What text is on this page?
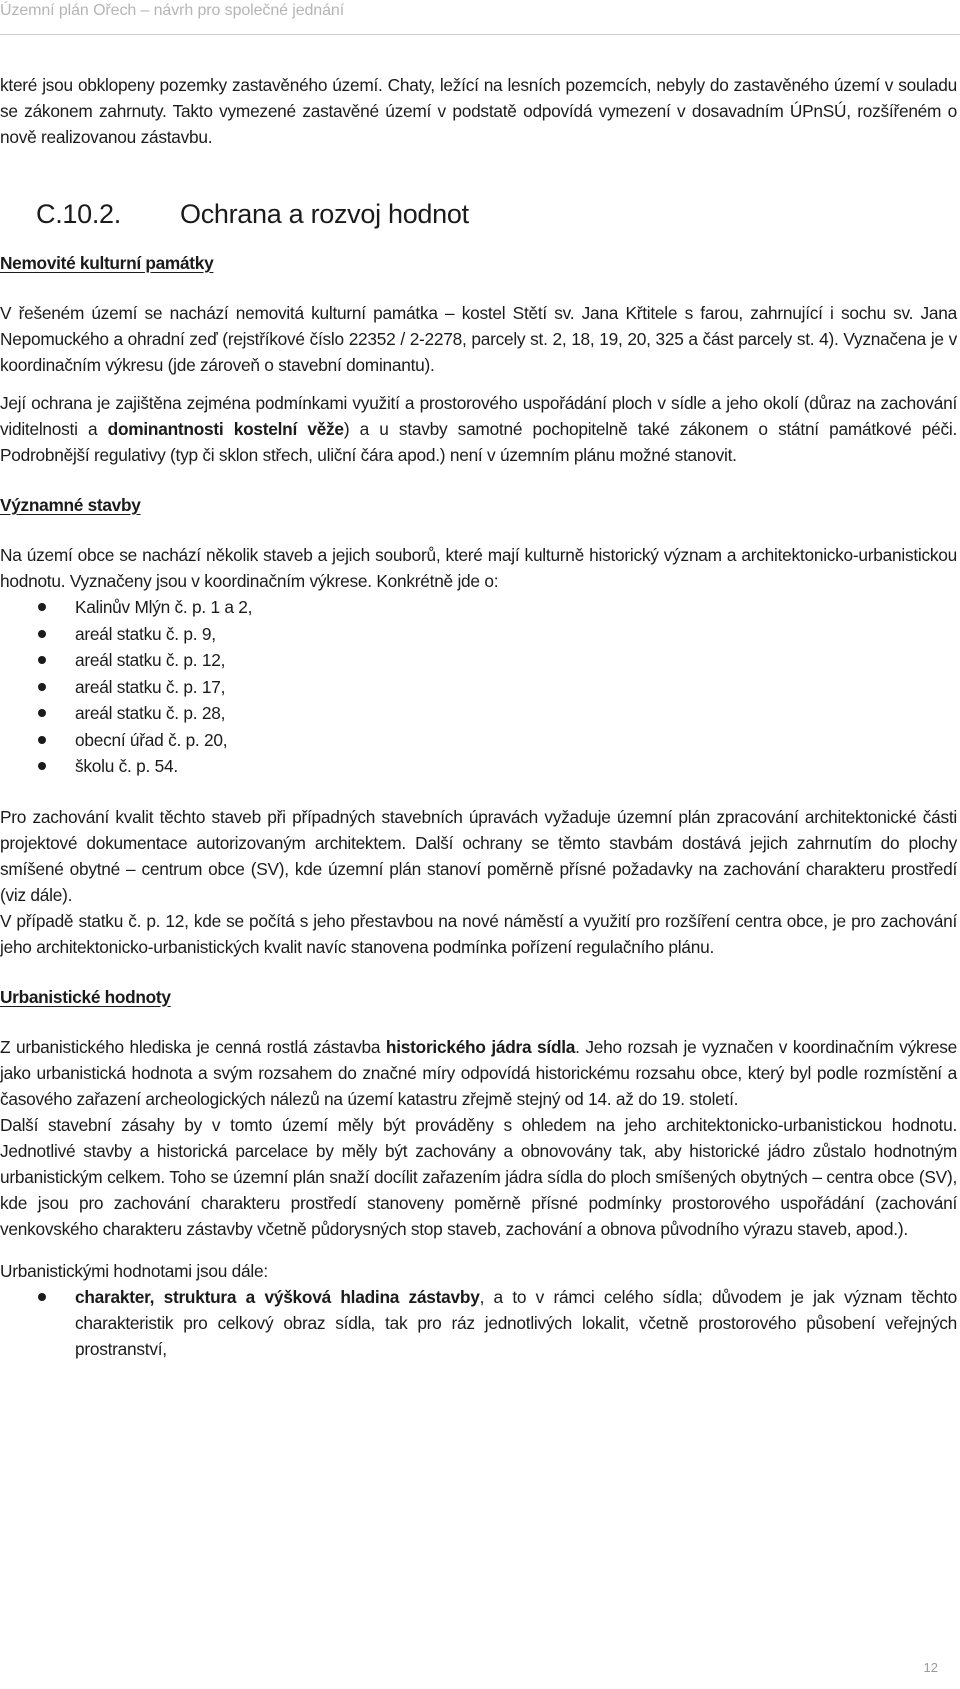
Územní plán Ořech – návrh pro společné jednání

které jsou obklopeny pozemky zastavěného území. Chaty, ležící na lesních pozemcích, nebyly do zastavěného území v souladu se zákonem zahrnuty. Takto vymezené zastavěné území v podstatě odpovídá vymezení v dosavadním ÚPnSÚ, rozšířeném o nově realizovanou zástavbu.

C.10.2. Ochrana a rozvoj hodnot
Nemovité kulturní památky

V řešeném území se nachází nemovitá kulturní památka – kostel Stětí sv. Jana Křtitele s farou, zahrnující i sochu sv. Jana Nepomuckého a ohradní zeď (rejstříkové číslo 22352 / 2-2278, parcely st. 2, 18, 19, 20, 325 a část parcely st. 4). Vyznačena je v koordinačním výkresu (jde zároveň o stavební dominantu).

Její ochrana je zajištěna zejména podmínkami využití a prostorového uspořádání ploch v sídle a jeho okolí (důraz na zachování viditelnosti a dominantnosti kostelní věže) a u stavby samotné pochopitelně také zákonem o státní památkové péči. Podrobnější regulativy (typ či sklon střech, uliční čára apod.) není v územním plánu možné stanovit.

Významné stavby

Na území obce se nachází několik staveb a jejich souborů, které mají kulturně historický význam a architektonicko-urbanistickou hodnotu. Vyznačeny jsou v koordinačním výkrese. Konkrétně jde o:

Kalinův Mlýn č. p. 1 a 2,
areál statku č. p. 9,
areál statku č. p. 12,
areál statku č. p. 17,
areál statku č. p. 28,
obecní úřad č. p. 20,
školu č. p. 54.

Pro zachování kvalit těchto staveb při případných stavebních úpravách vyžaduje územní plán zpracování architektonické části projektové dokumentace autorizovaným architektem. Další ochrany se těmto stavbám dostává jejich zahrnutím do plochy smíšené obytné – centrum obce (SV), kde územní plán stanoví poměrně přísné požadavky na zachování charakteru prostředí (viz dále).

V případě statku č. p. 12, kde se počítá s jeho přestavbou na nové náměstí a využití pro rozšíření centra obce, je pro zachování jeho architektonicko-urbanistických kvalit navíc stanovena podmínka pořízení regulačního plánu.

Urbanistické hodnoty

Z urbanistického hlediska je cenná rostlá zástavba historického jádra sídla. Jeho rozsah je vyznačen v koordinačním výkrese jako urbanistická hodnota a svým rozsahem do značné míry odpovídá historickému rozsahu obce, který byl podle rozmístění a časového zařazení archeologických nálezů na území katastru zřejmě stejný od 14. až do 19. století.

Další stavební zásahy by v tomto území měly být prováděny s ohledem na jeho architektonicko-urbanistickou hodnotu. Jednotlivé stavby a historická parcelace by měly být zachovány a obnovovány tak, aby historické jádro zůstalo hodnotným urbanistickým celkem. Toho se územní plán snaží docílit zařazením jádra sídla do ploch smíšených obytných – centra obce (SV), kde jsou pro zachování charakteru prostředí stanoveny poměrně přísné podmínky prostorového uspořádání (zachování venkovského charakteru zástavby včetně půdorysných stop staveb, zachování a obnova původního výrazu staveb, apod.).

Urbanistickými hodnotami jsou dále:

charakter, struktura a výšková hladina zástavby, a to v rámci celého sídla; důvodem je jak význam těchto charakteristik pro celkový obraz sídla, tak pro ráz jednotlivých lokalit, včetně prostorového působení veřejných prostranství,
12
